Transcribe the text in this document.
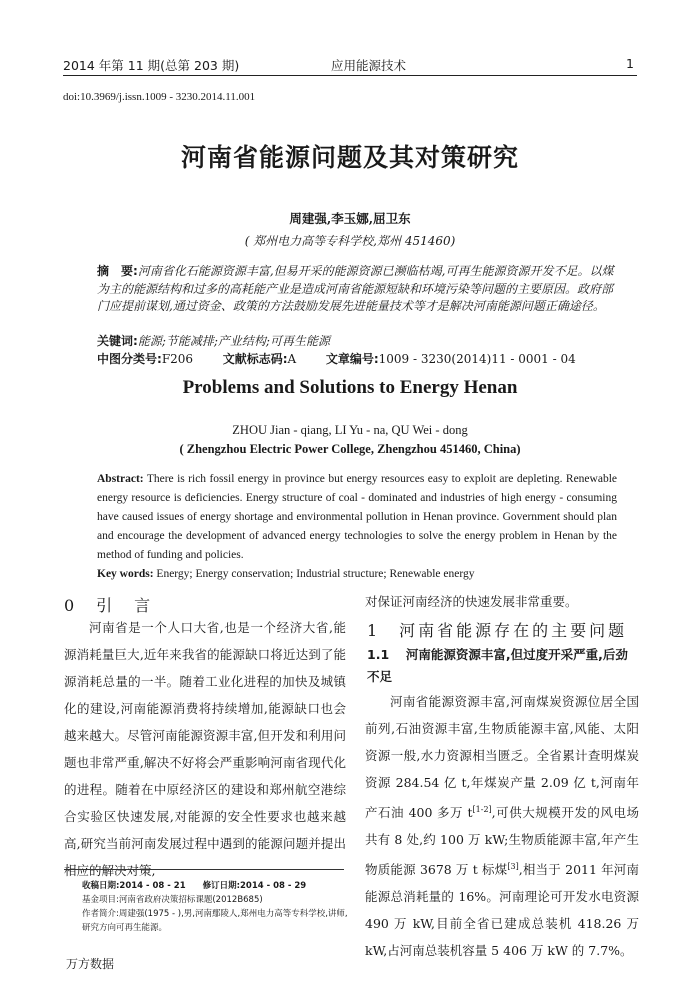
2014 年第 11 期(总第 203 期)	应用能源技术	1
doi:10.3969/j.issn.1009 - 3230.2014.11.001
河南省能源问题及其对策研究
周建强,李玉娜,屈卫东
( 郑州电力高等专科学校,郑州 451460)
摘　要:河南省化石能源资源丰富,但易开采的能源资源已濒临枯竭,可再生能源资源开发不足。以煤为主的能源结构和过多的高耗能产业是造成河南省能源短缺和环境污染等问题的主要原因。政府部门应提前谋划,通过资金、政策的方法鼓励发展先进能量技术等才是解决河南能源问题正确途径。
关键词:能源;节能减排;产业结构;可再生能源
中图分类号:F206 文献标志码:A 文章编号:1009 - 3230(2014)11 - 0001 - 04
Problems and Solutions to Energy Henan
ZHOU Jian - qiang, LI Yu - na, QU Wei - dong
( Zhengzhou Electric Power College, Zhengzhou 451460, China)
Abstract: There is rich fossil energy in province but energy resources easy to exploit are depleting. Renewable energy resource is deficiencies. Energy structure of coal - dominated and industries of high energy - consuming have caused issues of energy shortage and environmental pollution in Henan province. Government should plan and encourage the development of advanced energy technologies to solve the energy problem in Henan by the method of funding and policies.
Key words: Energy; Energy conservation; Industrial structure; Renewable energy
0　引　言

河南省是一个人口大省,也是一个经济大省,能源消耗量巨大,近年来我省的能源缺口将近达到了能源消耗总量的一半。随着工业化进程的加快及城镇化的建设,河南能源消费将持续增加,能源缺口也会越来越大。尽管河南能源资源丰富,但开发和利用问题也非常严重,解决不好将会严重影响河南省现代化的进程。随着在中原经济区的建设和郑州航空港综合实验区快速发展,对能源的安全性要求也越来越高,研究当前河南发展过程中遇到的能源问题并提出相应的解决对策,

收稿日期:2014 - 08 - 21　　修订日期:2014 - 08 - 29

基金项目:河南省政府决策招标课题(2012B685)

作者简介:周建强(1975 - ),男,河南鄢陵人,郑州电力高等专科学校,讲师,研究方向可再生能源。

对保证河南经济的快速发展非常重要。

1　河南省能源存在的主要问题
1.1 河南能源资源丰富,但过度开采严重,后劲不足

河南省能源资源丰富,河南煤炭资源位居全国前列,石油资源丰富,生物质能源丰富,风能、太阳资源一般,水力资源相当匮乏。全省累计查明煤炭资源 284.54 亿 t,年煤炭产量 2.09 亿 t,河南年产石油 400 多万 t[1-2],可供大规模开发的风电场共有 8 处,约 100 万 kW;生物质能源丰富,年产生物质能源 3678 万 t 标煤[3],相当于 2011 年河南能源总消耗量的 16%。河南理论可开发水电资源 490 万 kW,目前全省已建成总装机 418.26 万 kW,占河南总装机容量 5 406 万 kW 的 7.7%。

万方数据
